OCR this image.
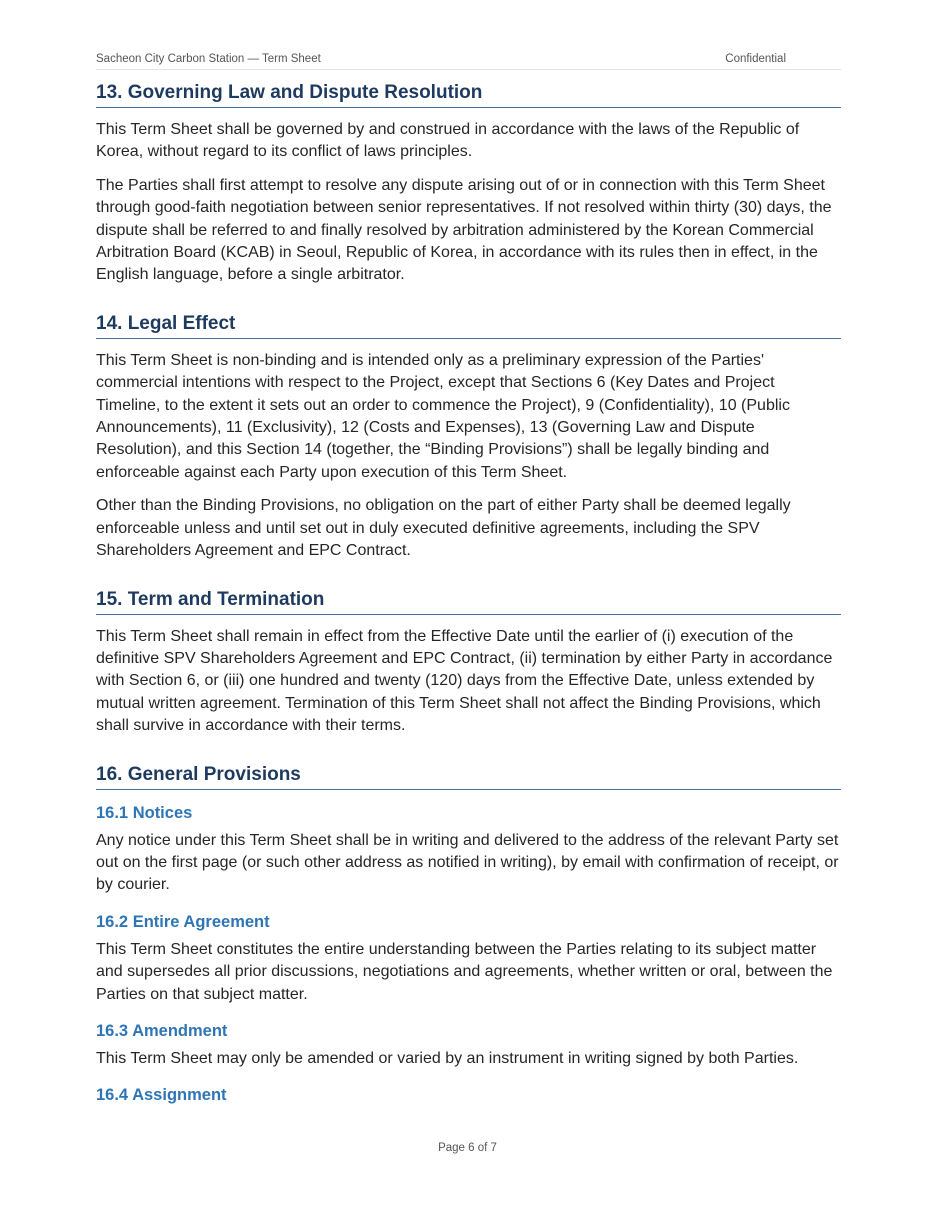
Sacheon City Carbon Station — Term Sheet	Confidential
13. Governing Law and Dispute Resolution

This Term Sheet shall be governed by and construed in accordance with the laws of the Republic of Korea, without regard to its conflict of laws principles.

The Parties shall first attempt to resolve any dispute arising out of or in connection with this Term Sheet through good-faith negotiation between senior representatives. If not resolved within thirty (30) days, the dispute shall be referred to and finally resolved by arbitration administered by the Korean Commercial Arbitration Board (KCAB) in Seoul, Republic of Korea, in accordance with its rules then in effect, in the English language, before a single arbitrator.

14. Legal Effect

This Term Sheet is non-binding and is intended only as a preliminary expression of the Parties' commercial intentions with respect to the Project, except that Sections 6 (Key Dates and Project Timeline, to the extent it sets out an order to commence the Project), 9 (Confidentiality), 10 (Public Announcements), 11 (Exclusivity), 12 (Costs and Expenses), 13 (Governing Law and Dispute Resolution), and this Section 14 (together, the “Binding Provisions”) shall be legally binding and enforceable against each Party upon execution of this Term Sheet.

Other than the Binding Provisions, no obligation on the part of either Party shall be deemed legally enforceable unless and until set out in duly executed definitive agreements, including the SPV Shareholders Agreement and EPC Contract.

15. Term and Termination

This Term Sheet shall remain in effect from the Effective Date until the earlier of (i) execution of the definitive SPV Shareholders Agreement and EPC Contract, (ii) termination by either Party in accordance with Section 6, or (iii) one hundred and twenty (120) days from the Effective Date, unless extended by mutual written agreement. Termination of this Term Sheet shall not affect the Binding Provisions, which shall survive in accordance with their terms.

16. General Provisions
16.1 Notices

Any notice under this Term Sheet shall be in writing and delivered to the address of the relevant Party set out on the first page (or such other address as notified in writing), by email with confirmation of receipt, or by courier.

16.2 Entire Agreement

This Term Sheet constitutes the entire understanding between the Parties relating to its subject matter and supersedes all prior discussions, negotiations and agreements, whether written or oral, between the Parties on that subject matter.

16.3 Amendment

This Term Sheet may only be amended or varied by an instrument in writing signed by both Parties.

16.4 Assignment
Page 6 of 7
